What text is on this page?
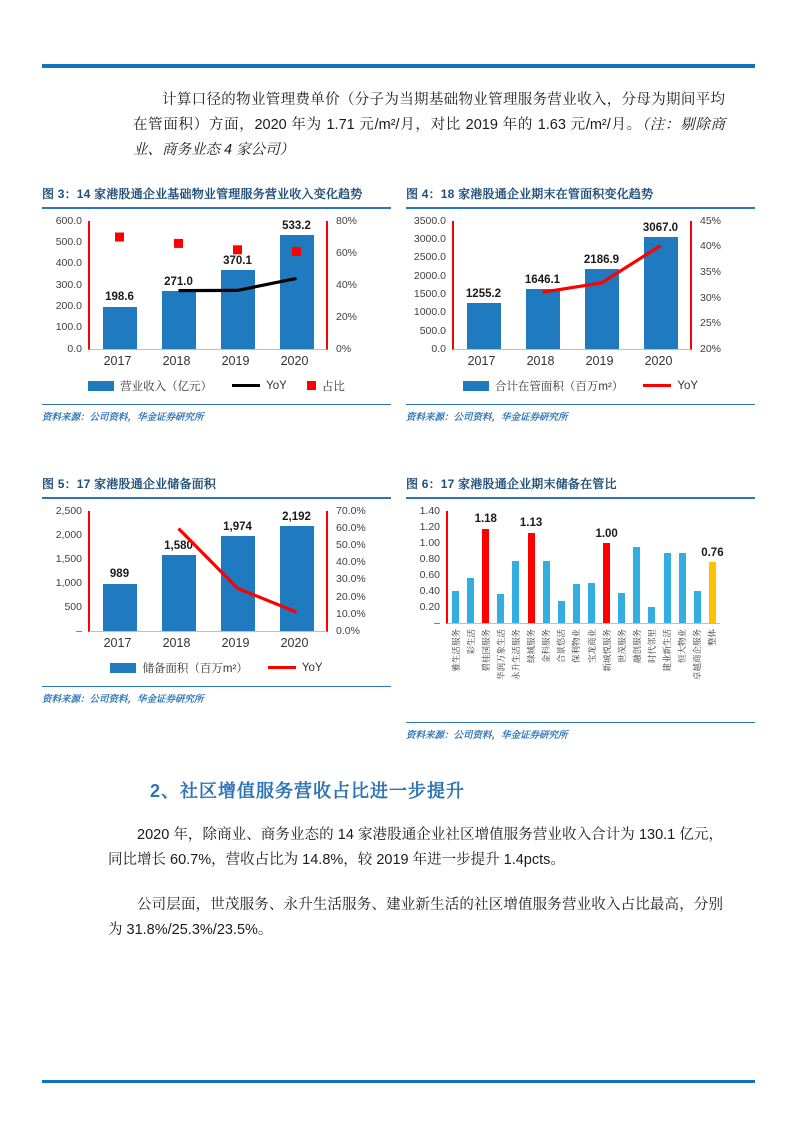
计算口径的物业管理费单价（分子为当期基础物业管理服务营业收入，分母为期间平均在管面积）方面，2020 年为 1.71 元/m²/月，对比 2019 年的 1.63 元/m²/月。（注：剔除商业、商务业态 4 家公司）

图 3：14 家港股通企业基础物业管理服务营业收入变化趋势
600.0
500.0
400.0
300.0
200.0
100.0
0.0
198.6
271.0
370.1
533.2 80%
60%
40%
20%
0%
2017	2018	2019	2020
营业收入（亿元）	YoY	占比
资料来源：公司资料，华金证券研究所
图 4：18 家港股通企业期末在管面积变化趋势
3500.0
3000.0
2500.0
2000.0
1500.0
1000.0
500.0
0.0
1255.2
1646.1
2186.9
3067.0
45%
40%
35%
30%
25%
20%
2017	2018	2019	2020
合计在管面积（百万m²）	YoY
资料来源：公司资料，华金证券研究所
图 5：17 家港股通企业储备面积
2,500
2,000
1,500
1,000
500
–
989
1,580
1,974
2,192 70.0%
60.0%
50.0%
40.0%
30.0%
20.0%
10.0%
0.0%
2017	2018	2019	2020
储备面积（百万m²）	YoY
资料来源：公司资料，华金证券研究所
图 6：17 家港股通企业期末储备在管比
1.40
1.20
1.00
0.80
0.60
0.40
0.20
–
1.18 1.13
1.00
0.76
雅生活服务 彩生活 碧桂园服务 华润万象生活 永升生活服务 绿城服务 金科服务 合景悠活 保利物业 宝龙商业 新城悦服务 世茂服务 融创服务 时代邻里 建业新生活 恒大物业 卓越商企服务 整体
资料来源：公司资料，华金证券研究所
2、社区增值服务营收占比进一步提升

2020 年，除商业、商务业态的 14 家港股通企业社区增值服务营业收入合计为 130.1 亿元，同比增长 60.7%，营收占比为 14.8%，较 2019 年进一步提升 1.4pcts。

公司层面，世茂服务、永升生活服务、建业新生活的社区增值服务营业收入占比最高，分别为 31.8%/25.3%/23.5%。
